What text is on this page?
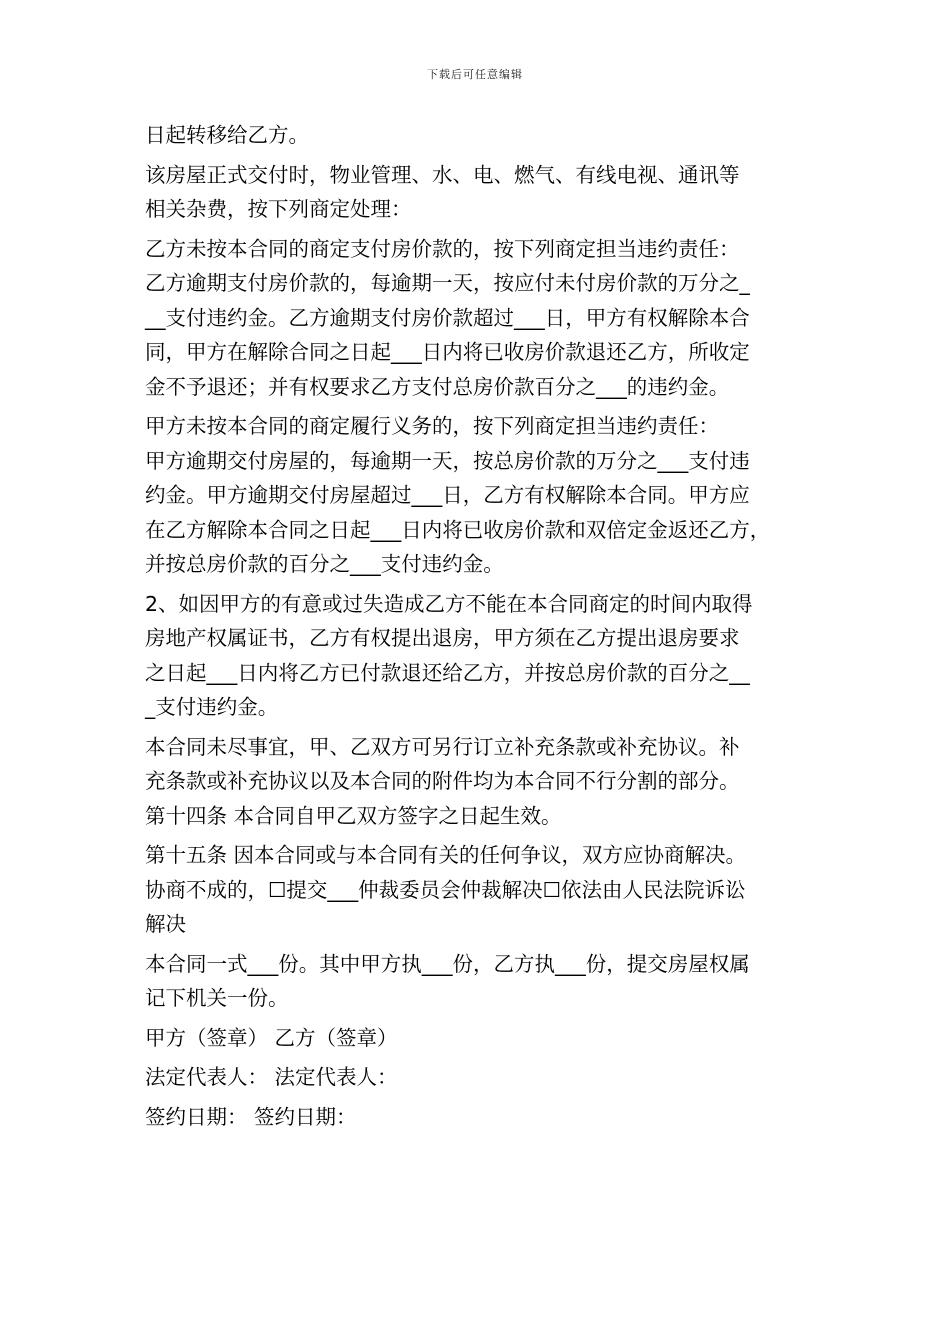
下载后可任意编辑
日起转移给乙方。
该房屋正式交付时，物业管理、水、电、燃气、有线电视、通讯等
相关杂费，按下列商定处理：
乙方未按本合同的商定支付房价款的，按下列商定担当违约责任：
乙方逾期支付房价款的，每逾期一天，按应付未付房价款的万分之_
__支付违约金。乙方逾期支付房价款超过___日，甲方有权解除本合
同，甲方在解除合同之日起___日内将已收房价款退还乙方，所收定
金不予退还；并有权要求乙方支付总房价款百分之___的违约金。
甲方未按本合同的商定履行义务的，按下列商定担当违约责任：
甲方逾期交付房屋的，每逾期一天，按总房价款的万分之___支付违
约金。甲方逾期交付房屋超过___日，乙方有权解除本合同。甲方应
在乙方解除本合同之日起___日内将已收房价款和双倍定金返还乙方，
并按总房价款的百分之___支付违约金。
2、如因甲方的有意或过失造成乙方不能在本合同商定的时间内取得
房地产权属证书，乙方有权提出退房，甲方须在乙方提出退房要求
之日起___日内将乙方已付款退还给乙方，并按总房价款的百分之__
_支付违约金。
本合同未尽事宜，甲、乙双方可另行订立补充条款或补充协议。补
充条款或补充协议以及本合同的附件均为本合同不行分割的部分。
第十四条 本合同自甲乙双方签字之日起生效。
第十五条 因本合同或与本合同有关的任何争议，双方应协商解决。
协商不成的，☐提交___仲裁委员会仲裁解决☐依法由人民法院诉讼
解决
本合同一式___份。其中甲方执___份，乙方执___份，提交房屋权属
记下机关一份。
甲方（签章） 乙方（签章）
法定代表人： 法定代表人：
签约日期： 签约日期：
